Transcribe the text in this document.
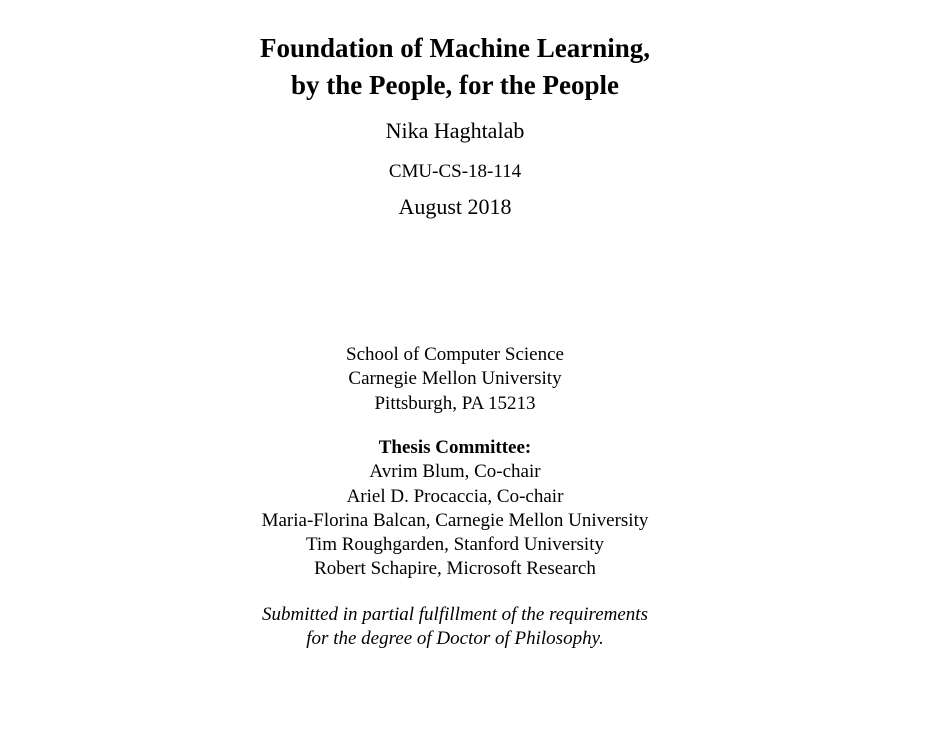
Foundation of Machine Learning,
by the People, for the People
Nika Haghtalab
CMU-CS-18-114
August 2018
School of Computer Science
Carnegie Mellon University
Pittsburgh, PA 15213
Thesis Committee:
Avrim Blum, Co-chair
Ariel D. Procaccia, Co-chair
Maria-Florina Balcan, Carnegie Mellon University
Tim Roughgarden, Stanford University
Robert Schapire, Microsoft Research
Submitted in partial fulfillment of the requirements
for the degree of Doctor of Philosophy.
